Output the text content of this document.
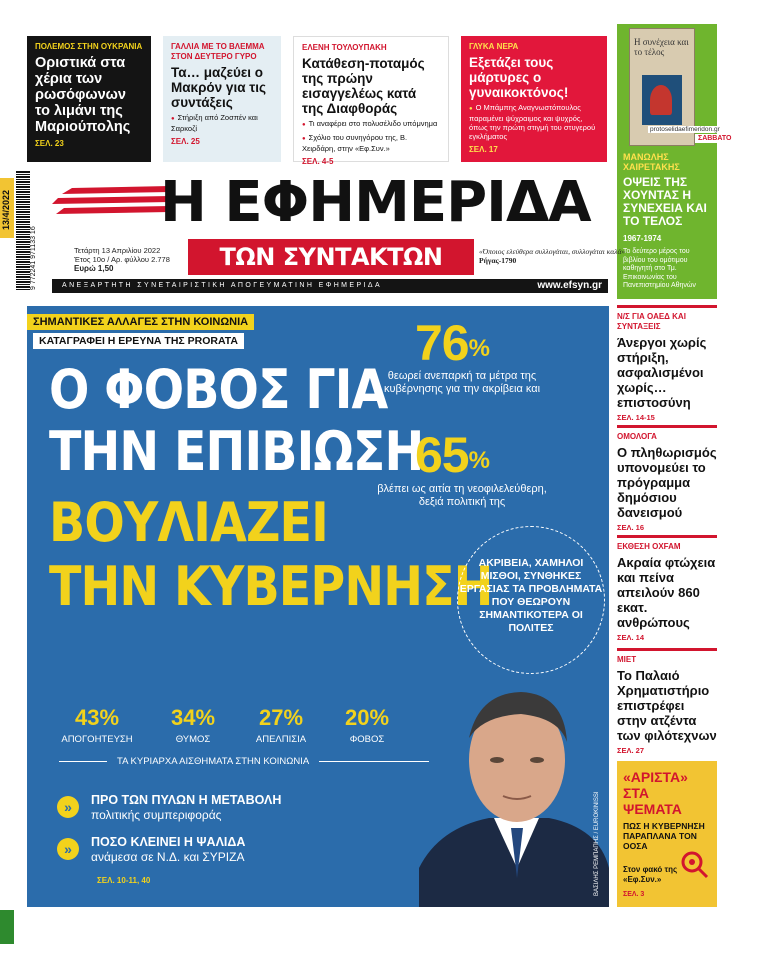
ΠΟΛΕΜΟΣ ΣΤΗΝ ΟΥΚΡΑΝΙΑ
Οριστικά στα χέρια των ρωσόφωνων το λιμάνι της Μαριούπολης
ΣΕΛ. 23
ΓΑΛΛΙΑ ΜΕ ΤΟ ΒΛΕΜΜΑ ΣΤΟΝ ΔΕΥΤΕΡΟ ΓΥΡΟ
Τα… μαζεύει ο Μακρόν για τις συντάξεις
● Στήριξη από Ζοσπέν και Σαρκοζί
ΣΕΛ. 25
ΕΛΕΝΗ ΤΟΥΛΟΥΠΑΚΗ
Κατάθεση-ποταμός της πρώην εισαγγελέως κατά της Διαφθοράς
● Τι αναφέρει στο πολυσέλιδο υπόμνημα
● Σχόλιο του συνηγόρου της, Β. Χειρδάρη, στην «Εφ.Συν.»
ΣΕΛ. 4-5
ΓΛΥΚΑ ΝΕΡΑ
Εξετάζει τους μάρτυρες ο γυναικοκτόνος!
● Ο Μπάμπης Αναγνωστόπουλος παραμένει ψύχραιμος και ψυχρός, όπως την πρώτη στιγμή του στυγερού εγκλήματος
ΣΕΛ. 17
Η συνέχεια και το τέλος
ΣΑΒΒΑΤΟ
ΜΑΝΩΛΗΣ ΧΑΙΡΕΤΑΚΗΣ
ΟΨΕΙΣ ΤΗΣ ΧΟΥΝΤΑΣ Η ΣΥΝΕΧΕΙΑ ΚΑΙ ΤΟ ΤΕΛΟΣ
1967-1974
Το δεύτερο μέρος του βιβλίου του ομότιμου καθηγητή στο Τμ. Επικοινωνίας του Πανεπιστημίου Αθηνών
protoselidaefimeridon.gr
13/4/2022
9 772241 971133 16
Η ΕΦΗΜΕΡΙΔΑ
Τετάρτη 13 Απριλίου 2022
Έτος 10ο / Αρ. φύλλου 2.778
Ευρώ 1,50	ΤΩΝ ΣΥΝΤΑΚΤΩΝ	«Όποιος ελεύθερα συλλογάται, συλλογάται καλά»
Ρήγας-1790
ΑΝΕΞΑΡΤΗΤΗ ΣΥΝΕΤΑΙΡΙΣΤΙΚΗ ΑΠΟΓΕΥΜΑΤΙΝΗ ΕΦΗΜΕΡΙΔΑ	www.efsyn.gr
ΣΗΜΑΝΤΙΚΕΣ ΑΛΛΑΓΕΣ ΣΤΗΝ ΚΟΙΝΩΝΙΑ
ΚΑΤΑΓΡΑΦΕΙ Η ΕΡΕΥΝΑ ΤΗΣ PRORATA
Ο ΦΟΒΟΣ ΓΙΑ
ΤΗΝ ΕΠΙΒΙΩΣΗ
ΒΟΥΛΙΑΖΕΙ
ΤΗΝ ΚΥΒΕΡΝΗΣΗ
76%
θεωρεί ανεπαρκή τα μέτρα της κυβέρνησης για την ακρίβεια και
65%
βλέπει ως αιτία τη νεοφιλελεύθερη, δεξιά πολιτική της
ΑΚΡΙΒΕΙΑ, ΧΑΜΗΛΟΙ ΜΙΣΘΟΙ, ΣΥΝΘΗΚΕΣ ΕΡΓΑΣΙΑΣ ΤΑ ΠΡΟΒΛΗΜΑΤΑ ΠΟΥ ΘΕΩΡΟΥΝ ΣΗΜΑΝΤΙΚΟΤΕΡΑ ΟΙ ΠΟΛΙΤΕΣ
ΒΑΣΙΛΗΣ ΡΕΜΠΑΠΗΣ / EUROKINISSI
43%
ΑΠΟΓΟΗΤΕΥΣΗ
34%
ΘΥΜΟΣ
27%
ΑΠΕΛΠΙΣΙΑ
20%
ΦΟΒΟΣ
ΤΑ ΚΥΡΙΑΡΧΑ ΑΙΣΘΗΜΑΤΑ ΣΤΗΝ ΚΟΙΝΩΝΙΑ
»	ΠΡΟ ΤΩΝ ΠΥΛΩΝ Η ΜΕΤΑΒΟΛΗ
πολιτικής συμπεριφοράς
»	ΠΟΣΟ ΚΛΕΙΝΕΙ Η ΨΑΛΙΔΑ
ανάμεσα σε Ν.Δ. και ΣΥΡΙΖΑ
ΣΕΛ. 10-11, 40
Ν/Σ ΓΙΑ ΟΑΕΔ ΚΑΙ ΣΥΝΤΑΞΕΙΣ
Άνεργοι χωρίς στήριξη, ασφαλισμένοι χωρίς… επιστοσύνη
ΣΕΛ. 14-15
ΟΜΟΛΟΓΑ
Ο πληθωρισμός υπονομεύει το πρόγραμμα δημόσιου δανεισμού
ΣΕΛ. 16
ΕΚΘΕΣΗ OXFAM
Ακραία φτώχεια και πείνα απειλούν 860 εκατ. ανθρώπους
ΣΕΛ. 14
ΜΙΕΤ
Το Παλαιό Χρηματιστήριο επιστρέφει στην ατζέντα των φιλότεχνων
ΣΕΛ. 27
«ΑΡΙΣΤΑ»
ΣΤΑ ΨΕΜΑΤΑ
ΠΩΣ Η ΚΥΒΕΡΝΗΣΗ ΠΑΡΑΠΛΑΝΑ ΤΟΝ ΟΟΣΑ
Στον φακό της «Εφ.Συν.»
ΣΕΛ. 3
